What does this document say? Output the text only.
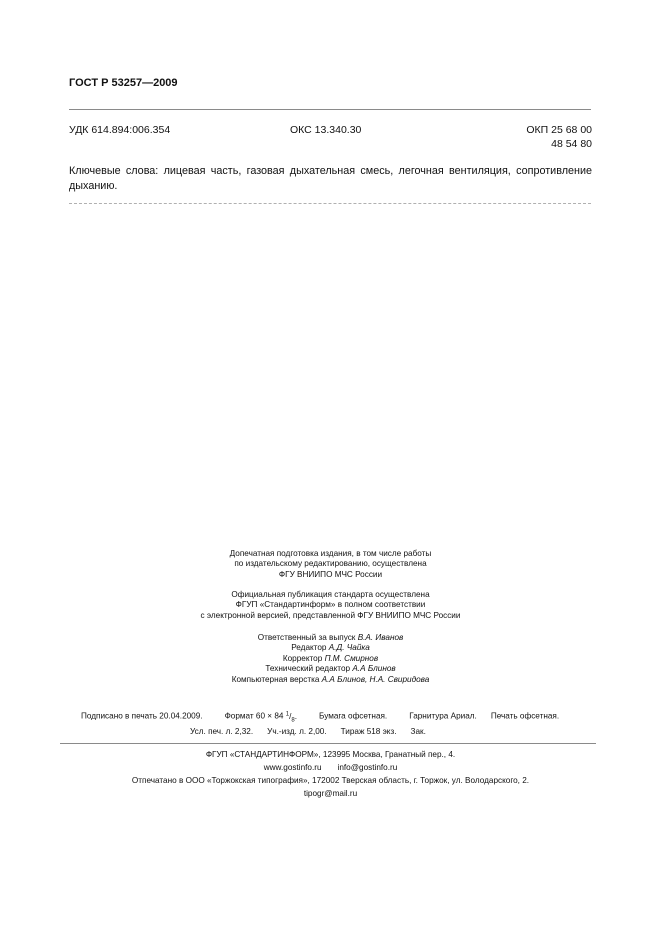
ГОСТ Р 53257—2009
УДК 614.894:006.354	ОКС 13.340.30	ОКП 25 68 00
48 54 80
Ключевые слова: лицевая часть, газовая дыхательная смесь, легочная вентиляция, сопротивление
дыханию.
Допечатная подготовка издания, в том числе работы
по издательскому редактированию, осуществлена
ФГУ ВНИИПО МЧС России
Официальная публикация стандарта осуществлена
ФГУП «Стандартинформ» в полном соответствии
с электронной версией, представленной ФГУ ВНИИПО МЧС России
Ответственный за выпуск В.А. Иванов
Редактор А.Д. Чайка
Корректор П.М. Смирнов
Технический редактор А.А Блинов
Компьютерная верстка А.А Блинов, Н.А. Свиридова
Подписано в печать 20.04.2009.	Формат 60 × 84 $^1/_8$.	Бумага офсетная.	Гарнитура Ариал. Печать офсетная.
Усл. печ. л. 2,32. Уч.-изд. л. 2,00. Тираж 518 экз. Зак.
ФГУП «СТАНДАРТИНФОРМ», 123995 Москва, Гранатный пер., 4.
www.gostinfo.ru info@gostinfo.ru
Отпечатано в ООО «Торжокская типография», 172002 Тверская область, г. Торжок, ул. Володарского, 2.
tipogr@mail.ru
